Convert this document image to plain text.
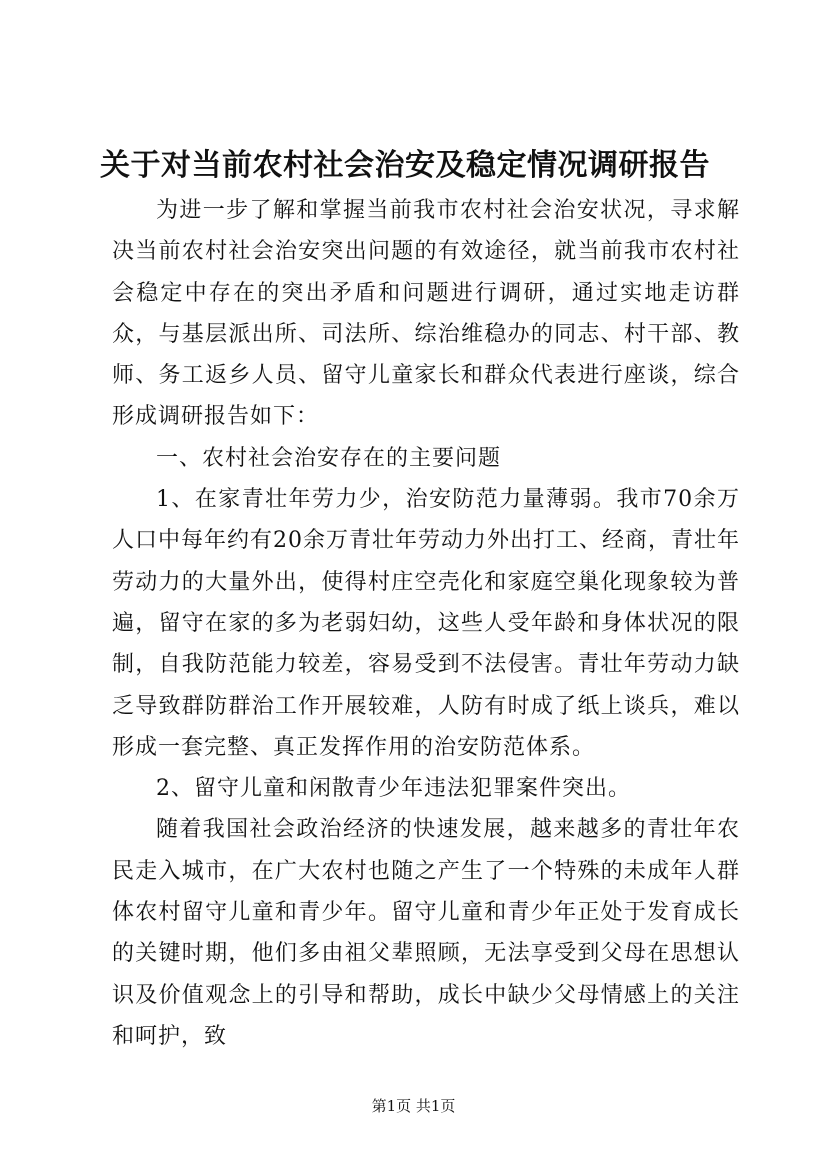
关于对当前农村社会治安及稳定情况调研报告

为进一步了解和掌握当前我市农村社会治安状况，寻求解决当前农村社会治安突出问题的有效途径，就当前我市农村社会稳定中存在的突出矛盾和问题进行调研，通过实地走访群众，与基层派出所、司法所、综治维稳办的同志、村干部、教师、务工返乡人员、留守儿童家长和群众代表进行座谈，综合形成调研报告如下：

一、农村社会治安存在的主要问题

1、在家青壮年劳力少，治安防范力量薄弱。我市70余万人口中每年约有20余万青壮年劳动力外出打工、经商，青壮年劳动力的大量外出，使得村庄空壳化和家庭空巢化现象较为普遍，留守在家的多为老弱妇幼，这些人受年龄和身体状况的限制，自我防范能力较差，容易受到不法侵害。青壮年劳动力缺乏导致群防群治工作开展较难，人防有时成了纸上谈兵，难以形成一套完整、真正发挥作用的治安防范体系。

2、留守儿童和闲散青少年违法犯罪案件突出。

随着我国社会政治经济的快速发展，越来越多的青壮年农民走入城市，在广大农村也随之产生了一个特殊的未成年人群体农村留守儿童和青少年。留守儿童和青少年正处于发育成长的关键时期，他们多由祖父辈照顾，无法享受到父母在思想认识及价值观念上的引导和帮助，成长中缺少父母情感上的关注和呵护，致

第1页 共1页
